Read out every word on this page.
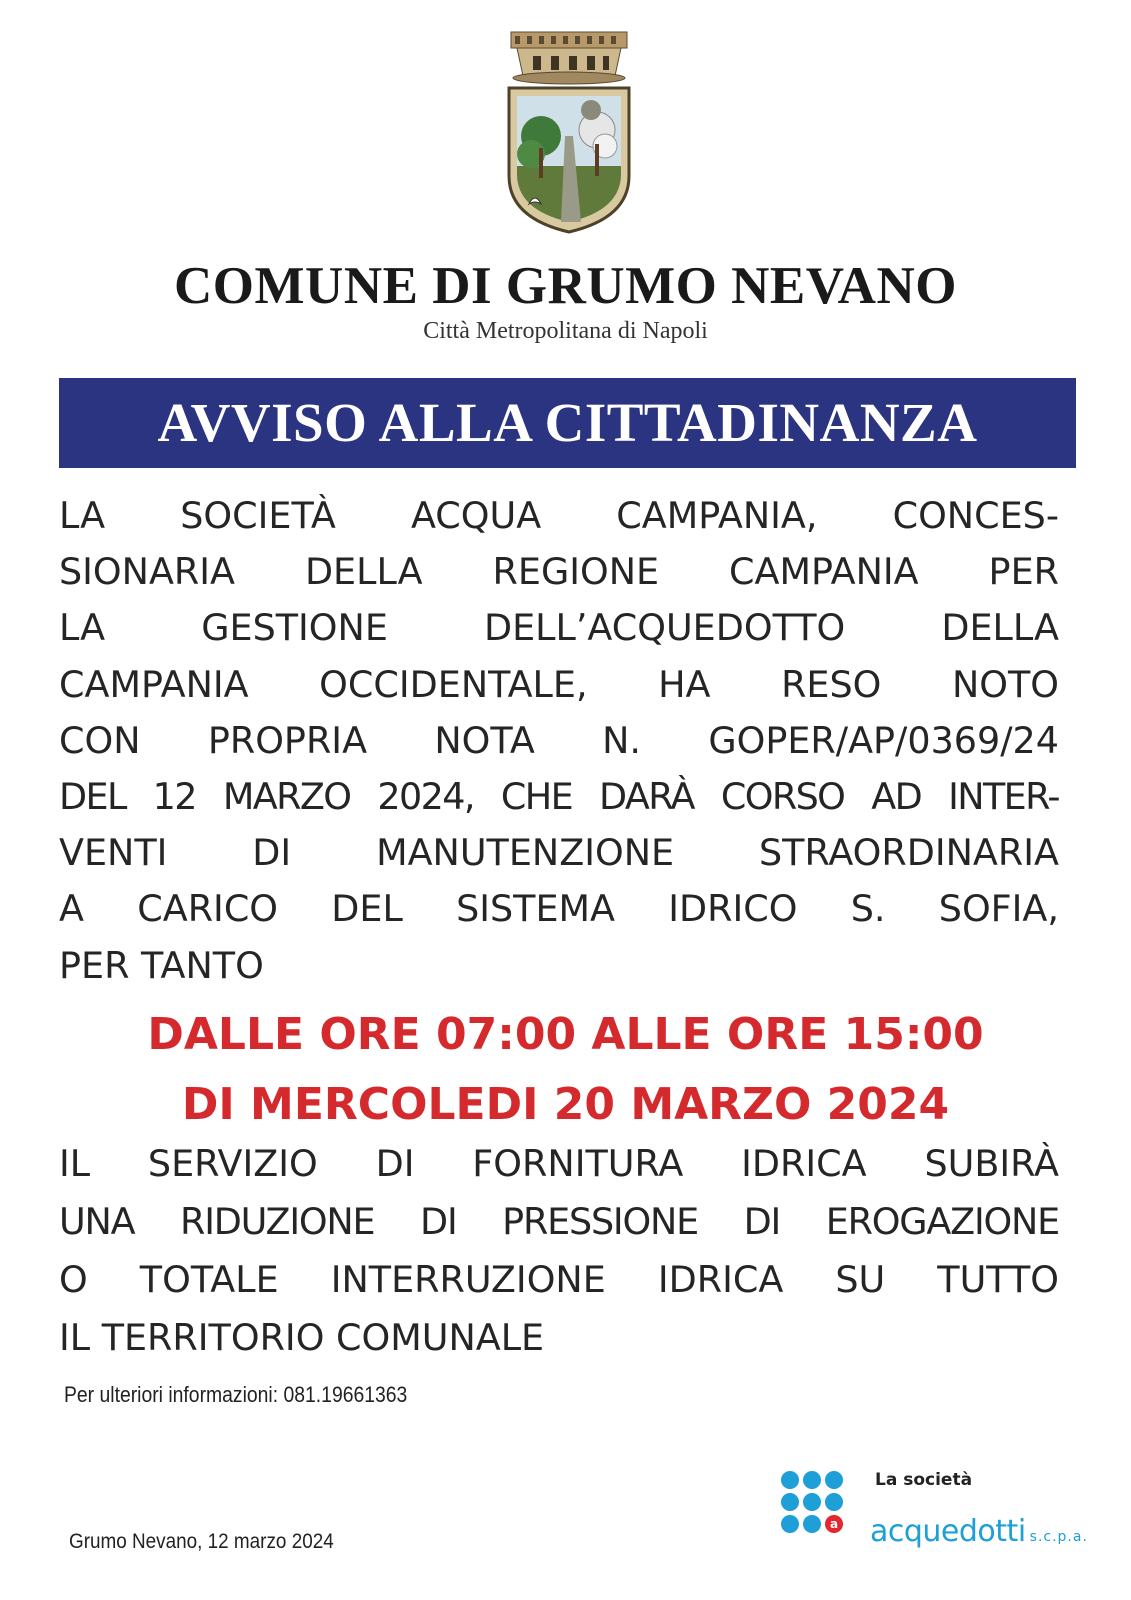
COMUNE DI GRUMO NEVANO
Città Metropolitana di Napoli
AVVISO ALLA CITTADINANZA
LA SOCIETÀ ACQUA CAMPANIA, CONCES-
SIONARIA DELLA REGIONE CAMPANIA PER
LA GESTIONE DELL’ACQUEDOTTO DELLA
CAMPANIA OCCIDENTALE, HA RESO NOTO
CON PROPRIA NOTA N. GOPER/AP/0369/24
DEL 12 MARZO 2024, CHE DARÀ CORSO AD INTER-
VENTI DI MANUTENZIONE STRAORDINARIA
A CARICO DEL SISTEMA IDRICO S. SOFIA,
PER TANTO
DALLE ORE 07:00 ALLE ORE 15:00
DI MERCOLEDI 20 MARZO 2024
IL SERVIZIO DI FORNITURA IDRICA SUBIRÀ
UNA RIDUZIONE DI PRESSIONE DI EROGAZIONE
O TOTALE INTERRUZIONE IDRICA SU TUTTO
IL TERRITORIO COMUNALE
Per ulteriori informazioni: 081.19661363
Grumo Nevano, 12 marzo 2024
a
La società
acquedotti s.c.p.a.
